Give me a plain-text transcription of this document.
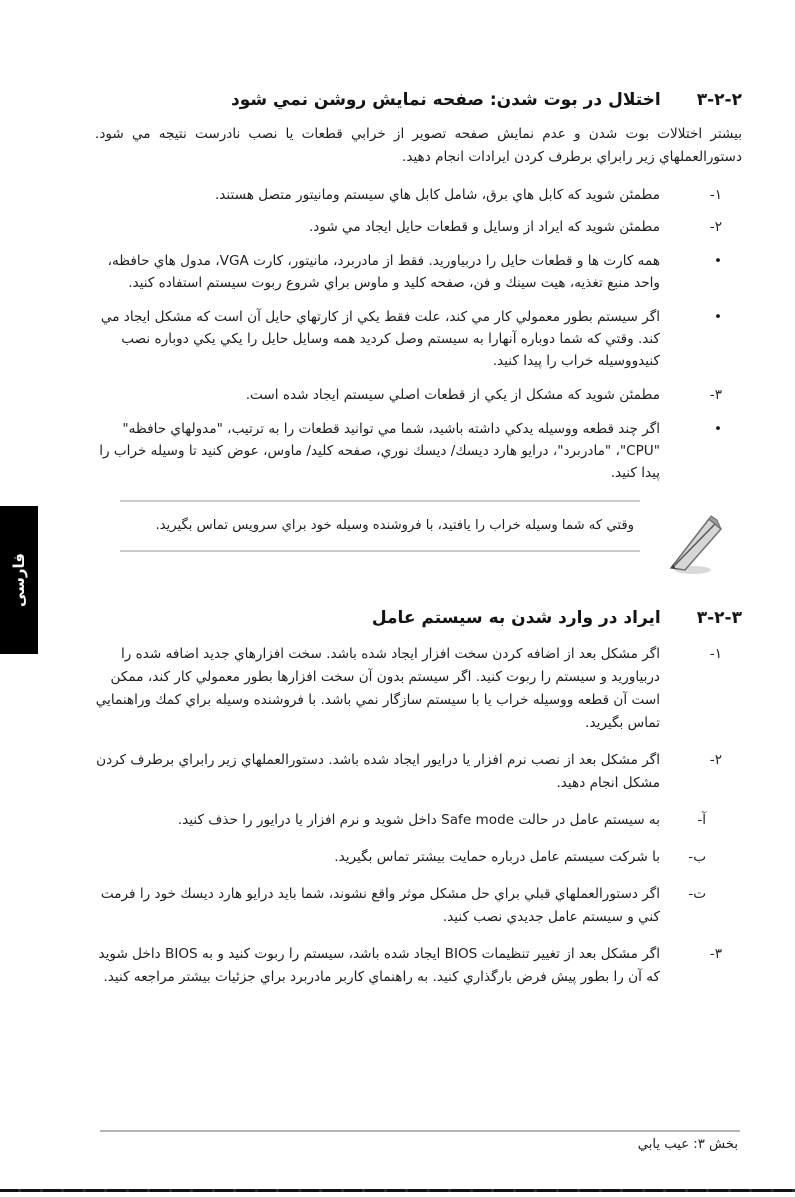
۳-۲-۲
اختلال در بوت شدن: صفحه نمايش روشن نمي شود

بيشتر اختلالات بوت شدن و عدم نمايش صفحه تصوير از خرابي قطعات يا نصب نادرست نتيجه مي شود. دستورالعملهاي زير رابراي برطرف كردن ايرادات انجام دهيد.

۱-
مطمئن شويد كه كابل هاي برق، شامل كابل هاي سيستم ومانيتور متصل هستند.
۲-
مطمئن شويد كه ايراد از وسايل و قطعات حايل ايجاد مي شود.
•
همه كارت ها و قطعات حايل را دربياوريد. فقط از مادربرد، مانيتور، كارت VGA، مدول هاي حافظه، واحد منبع تغذيه، هيت سينك و فن، صفحه كليد و ماوس براي شروع ربوت سيستم استفاده كنيد.
•
اگر سيستم بطور معمولي كار مي كند، علت فقط يكي از كارتهاي حايل آن است كه مشكل ايجاد مي كند. وقتي كه شما دوباره آنهارا به سيستم وصل كرديد همه وسايل حايل را يكي يكي دوباره نصب كنيدووسيله خراب را پيدا كنيد.
۳-
مطمئن شويد كه مشكل از يكي از قطعات اصلي سيستم ايجاد شده است.
•
اگر چند قطعه ووسيله يدكي داشته باشيد، شما مي توانيد قطعات را به ترتيب، "مدولهاي حافظه" "CPU"، "مادربرد"، درايو هارد ديسك/ ديسك نوري، صفحه كليد/ ماوس، عوض كنيد تا وسيله خراب را پيدا كنيد.
وقتي كه شما وسيله خراب را يافتيد، با فروشنده وسيله خود براي سرويس تماس بگيريد.
۳-۲-۳
ايراد در وارد شدن به سيستم عامل
۱-
اگر مشكل بعد از اضافه كردن سخت افزار ايجاد شده باشد. سخت افزارهاي جديد اضافه شده را دربياوريد و سيستم را ربوت كنيد. اگر سيستم بدون آن سخت افزارها بطور معمولي كار كند، ممكن است آن قطعه ووسيله خراب يا با سيستم سازگار نمي باشد. با فروشنده وسيله براي كمك وراهنمايي تماس بگيريد.
۲-
اگر مشكل بعد از نصب نرم افزار يا درايور ايجاد شده باشد. دستورالعملهاي زير رابراي برطرف كردن مشكل انجام دهيد.
آ-
به سيستم عامل در حالت Safe mode داخل شويد و نرم افزار يا درايور را حذف كنيد.
ب-
با شركت سيستم عامل درباره حمايت بيشتر تماس بگيريد.
ت-
اگر دستورالعملهاي قبلي براي حل مشكل موثر واقع نشوند، شما بايد درايو هارد ديسك خود را فرمت كني و سيستم عامل جديدي نصب كنيد.
۳-
اگر مشكل بعد از تغيير تنظيمات BIOS ايجاد شده باشد، سيستم را ربوت كنيد و به BIOS داخل شويد كه آن را بطور پيش فرض بارگذاري كنيد. به راهنماي كاربر مادربرد براي جزئيات بيشتر مراجعه كنيد.
فارسی
بخش ۳: عيب يابي
